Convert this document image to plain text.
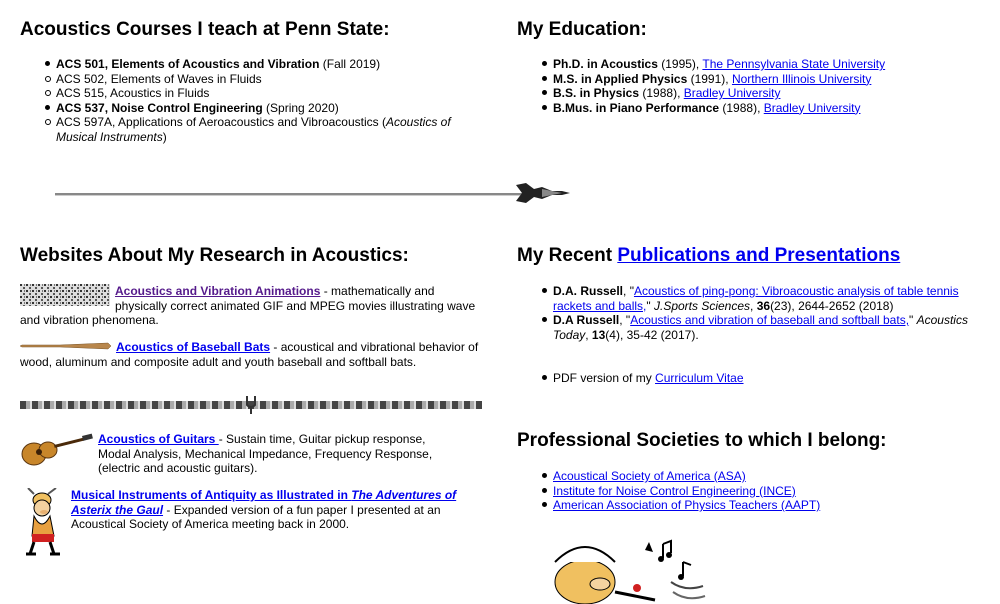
Acoustics Courses I teach at Penn State:
ACS 501, Elements of Acoustics and Vibration (Fall 2019)
ACS 502, Elements of Waves in Fluids
ACS 515, Acoustics in Fluids
ACS 537, Noise Control Engineering (Spring 2020)
ACS 597A, Applications of Aeroacoustics and Vibroacoustics (Acoustics of Musical Instruments)
My Education:
Ph.D. in Acoustics (1995), The Pennsylvania State University
M.S. in Applied Physics (1991), Northern Illinois University
B.S. in Physics (1988), Bradley University
B.Mus. in Piano Performance (1988), Bradley University
Websites About My Research in Acoustics:
Acoustics and Vibration Animations - mathematically and physically correct animated GIF and MPEG movies illustrating wave and vibration phenomena.
Acoustics of Baseball Bats - acoustical and vibrational behavior of wood, aluminum and composite adult and youth baseball and softball bats.
Acoustics of Guitars - Sustain time, Guitar pickup response, Modal Analysis, Mechanical Impedance, Frequency Response, (electric and acoustic guitars).
Musical Instruments of Antiquity as Illustrated in The Adventures of Asterix the Gaul - Expanded version of a fun paper I presented at an Acoustical Society of America meeting back in 2000.
My Recent Publications and Presentations
D.A. Russell, "Acoustics of ping-pong: Vibroacoustic analysis of table tennis rackets and balls," J.Sports Sciences, 36(23), 2644-2652 (2018)
D.A Russell, "Acoustics and vibration of baseball and softball bats," Acoustics Today, 13(4), 35-42 (2017).
PDF version of my Curriculum Vitae
Professional Societies to which I belong:
Acoustical Society of America (ASA)
Institute for Noise Control Engineering (INCE)
American Association of Physics Teachers (AAPT)
